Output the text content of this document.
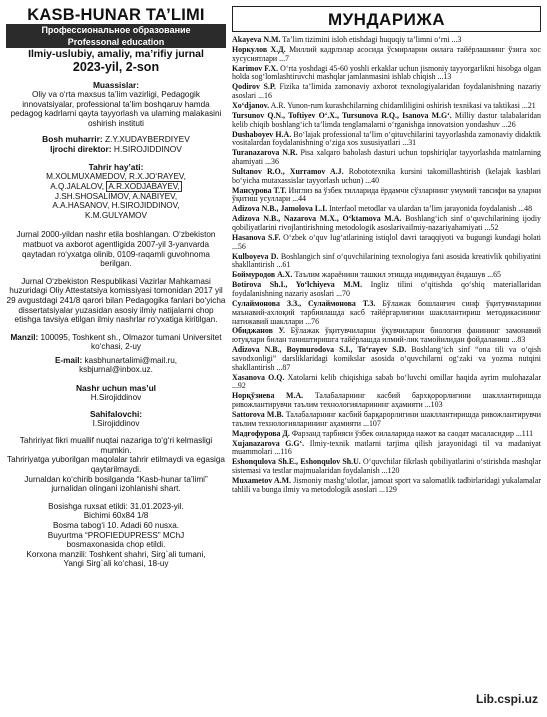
KASB-HUNAR TA’LIMI
Профессиональное образование
Professonal education
Ilmiy-uslubiy, amaliy, ma’rifiy jurnal
2023-yil, 2-son
Muassislar:
Oliy va o‘rta maxsus ta’lim vazirligi, Pedagogik innovatsiyalar, professional ta’lim boshqaruv hamda pedagog kadrlarni qayta tayyorlash va ularning malakasini oshirish instituti
Bosh muharrir: Z.Y.XUDAYBERDIYEV
Ijrochi direktor: H.SIROJIDDINOV
Tahrir hay’ati:
M.XOLMUXAMEDOV, R.X.JO‘RAYEV,
A.Q.JALALOV, A.R.XODJABAYEV,
J.SH.SHOSALIMOV, A.NABIYEV,
A.A.HASANOV, H.SIROJIDDINOV,
K.M.GULYAMOV
Jurnal 2000-yildan nashr etila boshlangan. O‘zbekiston matbuot va axborot agentligida 2007-yil 3-yanvarda qaytadan ro‘yxatga olinib, 0109-raqamli guvohnoma berilgan.
Jurnal O‘zbekiston Respublikasi Vazirlar Mahkamasi huzuridagi Oliy Attestatsiya komissiyasi tomonidan 2017 yil 29 avgustdagi 241/8 qarori bilan Pedagogika fanlari bo‘yicha dissertatsiyalar yuzasidan asosiy ilmiy natijalarni chop etishga tavsiya etilgan ilmiy nashrlar ro‘yxatiga kiritilgan.
Manzil: 100095, Toshkent sh., Olmazor tumani Universitet ko‘chasi, 2-uy
E-mail: kasbhunartalimi@mail.ru,
ksbjurnal@inbox.uz.
Nashr uchun mas’ul
H.Sirojiddinov
Sahifalovchi:
I.Sirojiddinov
Tahririyat fikri muallif nuqtai nazariga to‘g‘ri kelmasligi mumkin.
Tahririyatga yuborilgan maqolalar tahrir etilmaydi va egasiga qaytarilmaydi.
Jurnaldan ko‘chirib bosilganda “Kasb-hunar ta’limi” jurnalidan olingani izohlanishi shart.
Bosishga ruxsat etildi: 31.01.2023-yil.
Bichimi 60x84 1/8
Bosma tabog‘i 10. Adadi 60 nusxa.
Buyurtma “PROFIEDUPRESS” MChJ
bosmaxonasida chop etildi.
Korxona manzili: Toshkent shahri, Sirg`ali tumani,
Yangi Sirg`ali ko‘chasi, 18-uy
МУНДАРИЖА
Akayeva N.M. Ta’lim tizimini isloh etishdagi huquqiy ta’limni o‘rni ...3
Норкулов Х.Д. Миллий кадрлэлар асосида ўсмирларни оилага тайёрлашнинг ўзига хос хусусиятлари ...7
Karimov F.X. O‘rta yoshdagi 45-60 yoshli erkaklar uchun jismoniy tayyorgarlikni hisobga olgan holda sog‘lomlashtiruvchi mashqlar jamlanmasini ishlab chiqish ...13
Qodirov S.P. Fizika ta’limida zamonaviy axborot texnologiyalaridan foydalanishning nazariy asoslari ...16
Xo‘djanov. A.R. Yunon-rum kurashchilarning chidamliligini oshirish texnikasi va taktikasi ...21
Tursunov Q.N., Toftiyev O‘.X., Tursunova R.Q., Isanova M.G‘. Milliy dastur talabalaridan kelib chiqib boshlang‘ich ta’limda tenglamalarni o‘rganishga innovatsion yondashuv ...26
Dushaboyev H.A. Bo‘lajak professional ta’lim o‘qituvchilarini tayyorlashda zamonaviy didaktik vositalardan foydalanishning o‘ziga xos xususiyatlari ...31
Turanazarova N.R. Pisa xalqaro baholash dasturi uchun topshiriqlar tayyorlashda matnlarning ahamiyati ...36
Sultanov R.O., Xurramov A.J. Robototexnika kursini takomillashtirish (kelajak kasblari bo‘yicha mutaxassislar tayyorlash uchun) ...40
Мансурова Т.Т. Инглиз ва ўзбек тилларида ёрдамчи сўзларнинг умумий тавсифи ва уларни ўқитиш усуллари ...44
Adizova N.B., Jamolova L.I. Interfaol metodlar va ulardan ta’lim jarayonida foydalanish ...48
Adizova N.B., Nazarova M.X., O‘ktamova M.A. Boshlang‘ich sinf o‘quvchilarining ijodiy qobiliyatlarini rivojlantirishning metodologik asoslarivailmiy-nazariyahamiyati ...52
Hasanova S.F. O‘zbek o‘quv lug‘atlarining istiqlol davri taraqqiyoti va bugungi kundagi holati ...56
Kulboyeva D. Boshlangich sinf o‘quvchilarining texnologiya fani asosida kreativlik qobiliyatini shakllantirish ...61
Боймуродов А.Х. Таълим жараёнини ташкил этишда индивидуал ёндашув ...65
Botirova Sh.I., Yo‘lchiyeva M.M. Ingliz tilini o‘qitishda qo‘shiq materiallaridan foydalanishning nazariy asoslari ...70
Сулаймонова З.З., Сулаймонова Т.З. Бўлажак бошланғич синф ўқитувчиларини маънавий-ахлоқий тарбиялашда касб тайёргарлигини шакллантириш методикасининг натижавий шакллари ...76
Обиджанов У. Бўлажак ўқитувчиларни ўқувчиларни биология фанининг замонавий ютуқлари билан таништиришга тайёрлашда илмий-лик тамойилидан фойдаланиш ...83
Adizova N.B., Boymurodova S.I., To‘rayev S.D. Boshlang‘ich sinf “ona tili va o‘qish savodxonligi” darsliklaridagi komikslar asosida o‘quvchilarni og‘zaki va yozma nutqini shakllantirish ...87
Xasanova O.Q. Xatolarni kelib chiqishiga sabab bo‘luvchi omillar haqida ayrim mulohazalar ...92
Норқўзиева М.А. Талабаларнинг касбий бархқорорлигини шакллантиришда ривожлантирувчи таълим технологияларининг аҳамияти ...103
Sattorova M.B. Талабаларнинг касбий барқарорлигини шакллантиришда ривожлантирувчи таълим технологияларининг аҳамияти ...107
Мадғофурова Д. Фарзанд тарбияси ўзбек оилаларида нажот ва саодат масаласидир ...111
Xujanazarova G.G‘. Ilmiy-texnik matlarni tarjima qilish jarayonidagi til va madaniyat muammolari ...116
Eshonqulova Sh.E., Eshonqulov Sh.U. O‘quvchilar fikrlash qobiliyatlarini o‘stirishda mashqlar sistemasi va testlar majmualaridan foydalanish ...120
Muxametov A.M. Jismoniy mashg‘ulotlar, jamoat sport va salomatlik tadbirlaridagi yukalamalar tahlili va bunga ilmiy va metodologik asoslari ...129
Lib.cspi.uz
